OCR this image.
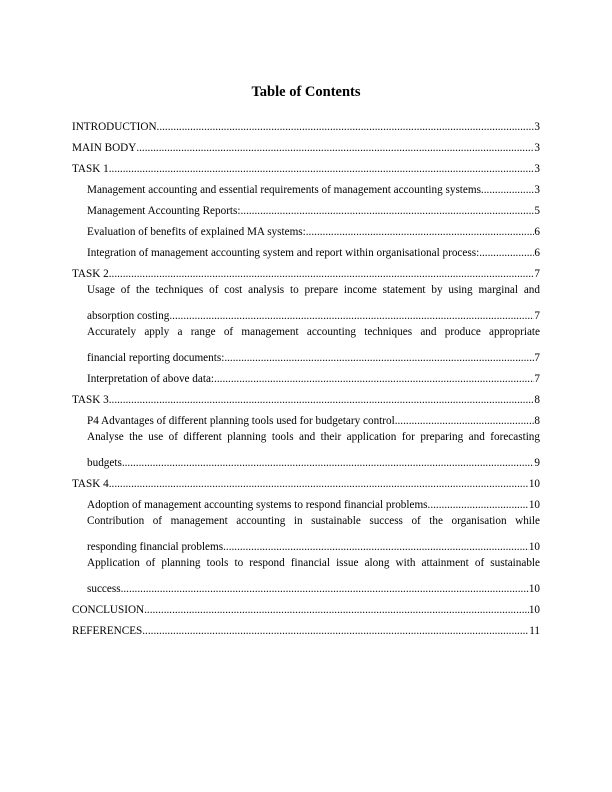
Table of Contents
INTRODUCTION .....	3
MAIN BODY .....	3
TASK 1 .....	3
Management accounting and essential requirements of management accounting systems. .....	3
Management Accounting Reports: .....	5
Evaluation of benefits of explained MA systems: .....	6
Integration of management accounting system and report within organisational process: .....	6
TASK 2 .....	7
Usage of the techniques of cost analysis to prepare income statement by using marginal and
absorption costing .....	7
Accurately apply a range of management accounting techniques and produce appropriate
financial reporting documents: .....	7
Interpretation of above data: .....	7
TASK 3 .....	8
P4 Advantages of different planning tools used for budgetary control. .....	8
Analyse the use of different planning tools and their application for preparing and forecasting
budgets .....	9
TASK 4 .....	10
Adoption of management accounting systems to respond financial problems .....	10
Contribution of management accounting in sustainable success of the organisation while
responding financial problems .....	10
Application of planning tools to respond financial issue along with attainment of sustainable
success .....	10
CONCLUSION .....	10
REFERENCES .....	11
